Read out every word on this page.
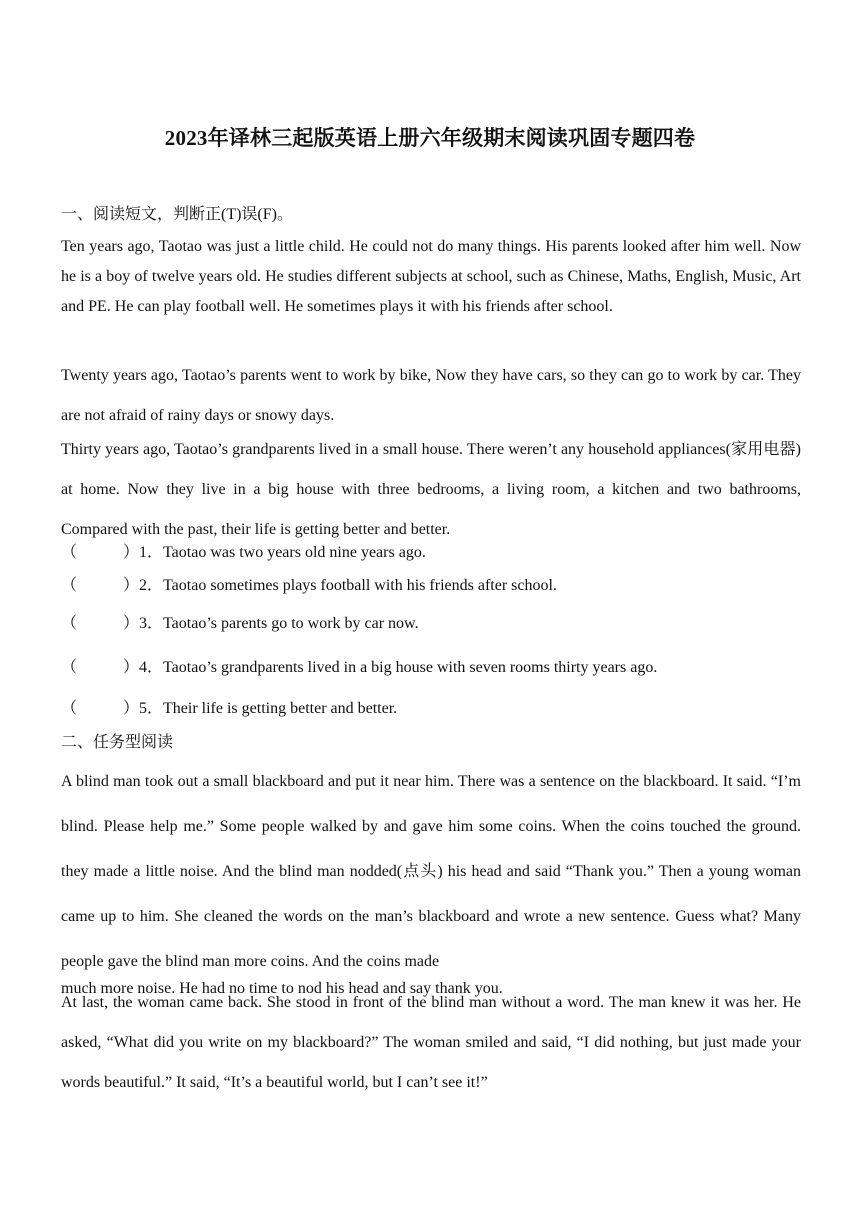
2023年译林三起版英语上册六年级期末阅读巩固专题四卷
一、阅读短文，判断正(T)误(F)。
Ten years ago, Taotao was just a little child. He could not do many things. His parents looked after him well. Now he is a boy of twelve years old. He studies different subjects at school, such as Chinese, Maths, English, Music, Art and PE. He can play football well. He sometimes plays it with his friends after school.
Twenty years ago, Taotao’s parents went to work by bike, Now they have cars, so they can go to work by car. They are not afraid of rainy days or snowy days.
Thirty years ago, Taotao’s grandparents lived in a small house. There weren’t any household appliances(家用电器) at home. Now they live in a big house with three bedrooms, a living room, a kitchen and two bathrooms, Compared with the past, their life is getting better and better.
（	）1．Taotao was two years old nine years ago.
（	）2．Taotao sometimes plays football with his friends after school.
（	）3．Taotao’s parents go to work by car now.
（	）4．Taotao’s grandparents lived in a big house with seven rooms thirty years ago.
（	）5．Their life is getting better and better.
二、任务型阅读
A blind man took out a small blackboard and put it near him. There was a sentence on the blackboard. It said. “I’m blind. Please help me.” Some people walked by and gave him some coins. When the coins touched the ground. they made a little noise. And the blind man nodded(点头) his head and said “Thank you.” Then a young woman came up to him. She cleaned the words on the man’s blackboard and wrote a new sentence. Guess what? Many people gave the blind man more coins. And the coins made
much more noise. He had no time to nod his head and say thank you.
At last, the woman came back. She stood in front of the blind man without a word. The man knew it was her. He asked, “What did you write on my blackboard?” The woman smiled and said, “I did nothing, but just made your words beautiful.” It said, “It’s a beautiful world, but I can’t see it!”
